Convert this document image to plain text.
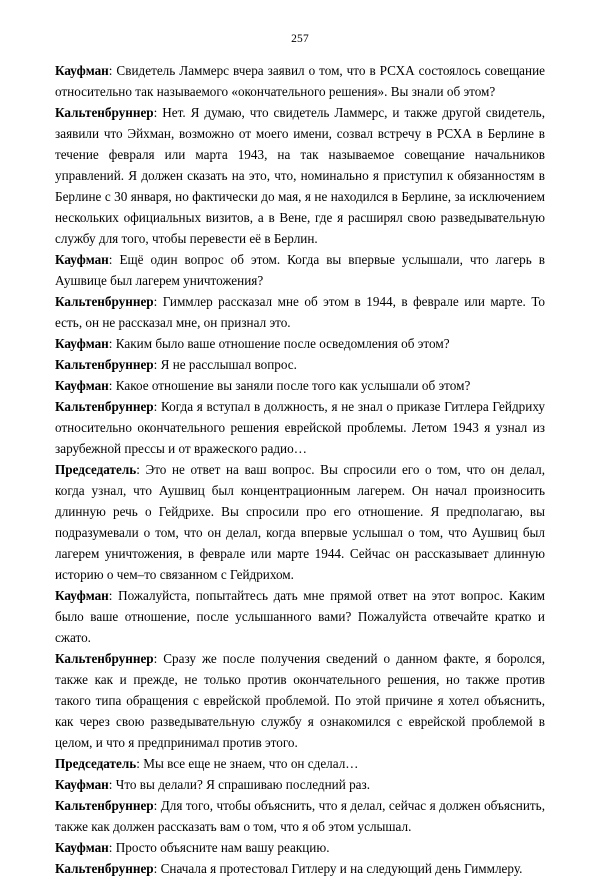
257

Кауфман: Свидетель Ламмерс вчера заявил о том, что в РСХА состоялось совещание относительно так называемого «окончательного решения». Вы знали об этом?

Кальтенбруннер: Нет. Я думаю, что свидетель Ламмерс, и также другой свидетель, заявили что Эйхман, возможно от моего имени, созвал встречу в РСХА в Берлине в течение февраля или марта 1943, на так называемое совещание начальников управлений. Я должен сказать на это, что, номинально я приступил к обязанностям в Берлине с 30 января, но фактически до мая, я не находился в Берлине, за исключением нескольких официальных визитов, а в Вене, где я расширял свою разведывательную службу для того, чтобы перевести её в Берлин.

Кауфман: Ещё один вопрос об этом. Когда вы впервые услышали, что лагерь в Аушвице был лагерем уничтожения?

Кальтенбруннер: Гиммлер рассказал мне об этом в 1944, в феврале или марте. То есть, он не рассказал мне, он признал это.

Кауфман: Каким было ваше отношение после осведомления об этом?

Кальтенбруннер: Я не расслышал вопрос.

Кауфман: Какое отношение вы заняли после того как услышали об этом?

Кальтенбруннер: Когда я вступал в должность, я не знал о приказе Гитлера Гейдриху относительно окончательного решения еврейской проблемы. Летом 1943 я узнал из зарубежной прессы и от вражеского радио…

Председатель: Это не ответ на ваш вопрос. Вы спросили его о том, что он делал, когда узнал, что Аушвиц был концентрационным лагерем. Он начал произносить длинную речь о Гейдрихе. Вы спросили про его отношение. Я предполагаю, вы подразумевали о том, что он делал, когда впервые услышал о том, что Аушвиц был лагерем уничтожения, в феврале или марте 1944. Сейчас он рассказывает длинную историю о чем–то связанном с Гейдрихом.

Кауфман: Пожалуйста, попытайтесь дать мне прямой ответ на этот вопрос. Каким было ваше отношение, после услышанного вами? Пожалуйста отвечайте кратко и сжато.

Кальтенбруннер: Сразу же после получения сведений о данном факте, я боролся, также как и прежде, не только против окончательного решения, но также против такого типа обращения с еврейской проблемой. По этой причине я хотел объяснить, как через свою разведывательную службу я ознакомился с еврейской проблемой в целом, и что я предпринимал против этого.

Председатель: Мы все еще не знаем, что он сделал…

Кауфман: Что вы делали? Я спрашиваю последний раз.

Кальтенбруннер: Для того, чтобы объяснить, что я делал, сейчас я должен объяснить, также как должен рассказать вам о том, что я об этом услышал.

Кауфман: Просто объясните нам вашу реакцию.

Кальтенбруннер: Сначала я протестовал Гитлеру и на следующий день Гиммлеру.
